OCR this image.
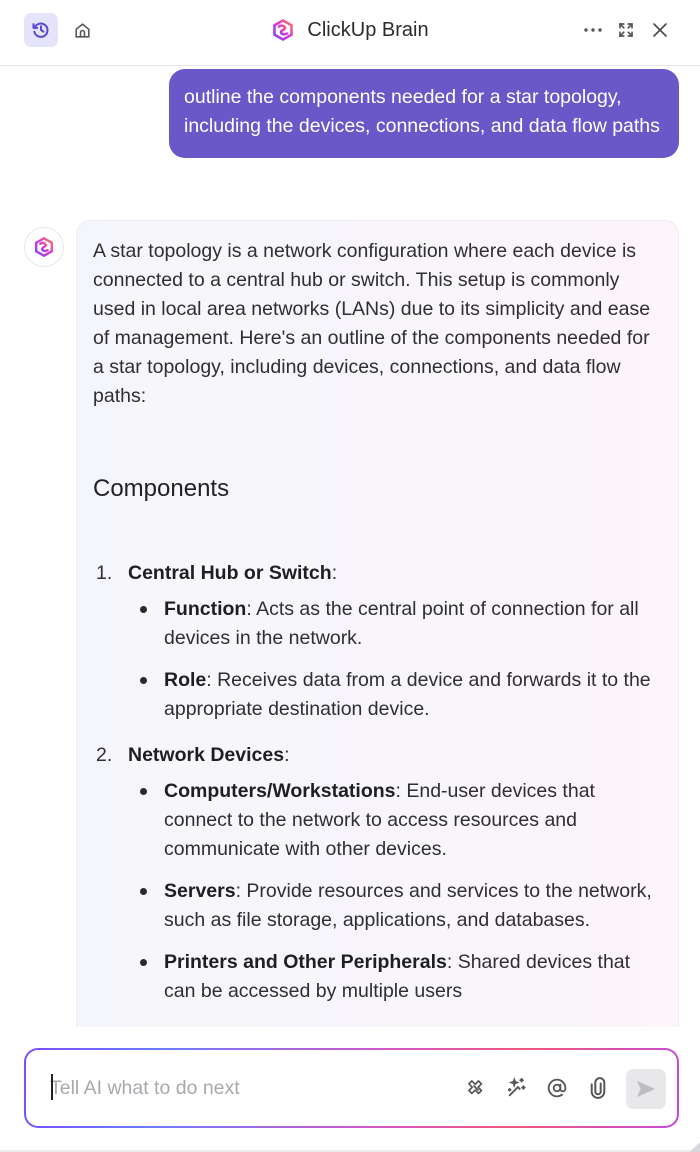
ClickUp Brain
outline the components needed for a star topology, including the devices, connections, and data flow paths

A star topology is a network configuration where each device is connected to a central hub or switch. This setup is commonly used in local area networks (LANs) due to its simplicity and ease of management. Here's an outline of the components needed for a star topology, including devices, connections, and data flow paths:

Components
1. Central Hub or Switch:
Function: Acts as the central point of connection for all devices in the network.
Role: Receives data from a device and forwards it to the appropriate destination device.
2. Network Devices:
Computers/Workstations: End-user devices that connect to the network to access resources and communicate with other devices.
Servers: Provide resources and services to the network, such as file storage, applications, and databases.
Printers and Other Peripherals: Shared devices that can be accessed by multiple users
Tell AI what to do next
